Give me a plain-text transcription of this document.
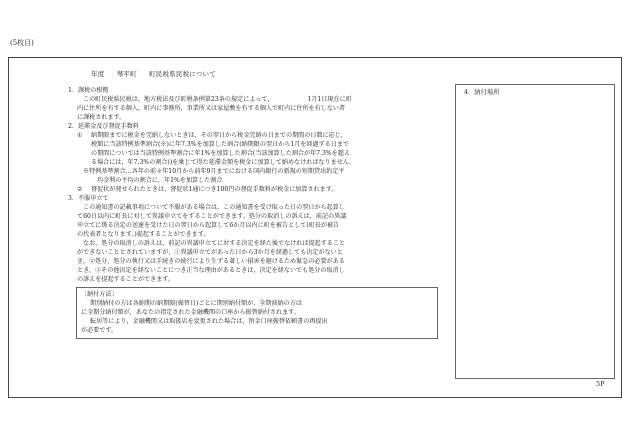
(5枚目)
年度 琴平町 町民税県民税について

1．課税の根拠

この町民税県民税は，地方税法及び町税条例第23条の規定によって，	1月1日現在に町

内に住所を有する個人，町内に事務所，事業所又は家屋敷を有する個人で町内に住所を有しない者

に課税されます。

2．延滞金及び督促手数料

①	納期限までに税金を完納しないときは，その翌日から税金完納の日までの期間の日数に応じ，

税額に当該特例基準割合(※)に年7.3%を加算した割合(納期限の翌日から1月を経過する日まで

の期間については当該特例基準割合に年1%を加算した割合(当該加算した割合が年7.3%を超え

る場合には，年7.3%の割合))を乗じて得た延滞金額を税金に加算して納めなければなりません。

※特例基準割合…各年の前々年10月から前年9月までにおける国内銀行の新規の短期貸出約定平

均金利の平均の割合に，年1%を加算した割合

②	督促状が発せられたときは，督促状1通につき100円の督促手数料が税金に加算されます。

3．不服申立て

この通知書の記載事項について不服がある場合は，この通知書を受け取った日の翌日から起算し

て60日以内に町長に対して異議申立てをすることができます。処分の取消しの訴えは，前記の異議

申立てに係る決定の送達を受けた日の翌日から起算して6か月以内に町を被告として(町長が被告

の代表者となります。)提起することができます。

なお，処分の取消しの訴えは，前記の異議申立てに対する決定を経た後でなければ提起すること

ができないこととされていますが，①異議申立てがあった日から3か月を経過しても決定がないと

き，②処分，処分の執行又は手続きの続行により生ずる著しい損害を避けるため緊急の必要がある

とき，③その他決定を経ないことにつき正当な理由があるときは，決定を経ないでも処分の取消し

の訴えを提起することができます。

〔納付方法〕

期別納付の方は各納期の納期限(振替日)ごとに期別納付額が，全期前納の方は

に全期分納付額が，あなたの指定された金融機関の口座から振替納付されます。

転居等により，金融機関又は取扱店を変更された場合は，預金口座振替依頼書の再提出

が必要です。

4．納付場所
5P
